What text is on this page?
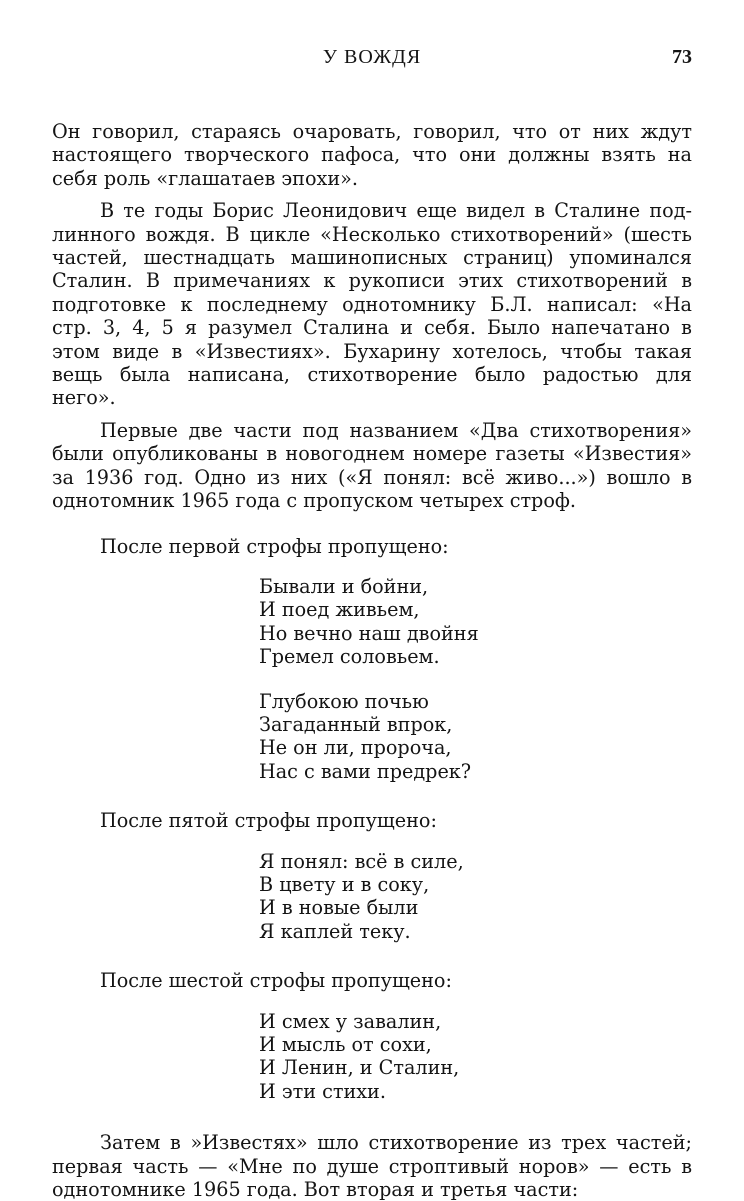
У ВОЖДЯ	73

Он говорил, стараясь очаровать, говорил, что от них ждут
настоящего творческого пафоса, что они должны взять на
себя роль «глашатаев эпохи».

В те годы Борис Леонидович еще видел в Сталине под-
линного вождя. В цикле «Несколько стихотворений» (шесть
частей, шестнадцать машинописных страниц) упоминался
Сталин. В примечаниях к рукописи этих стихотворений в
подготовке к последнему однотомнику Б.Л. написал: «На
стр. 3, 4, 5 я разумел Сталина и себя. Было напечатано в
этом виде в «Известиях». Бухарину хотелось, чтобы такая
вещь была написана, стихотворение было радостью для
него».

Первые две части под названием «Два стихотворения»
были опубликованы в новогоднем номере газеты «Известия»
за 1936 год. Одно из них («Я понял: всё живо...») вошло в
однотомник 1965 года с пропуском четырех строф.

После первой строфы пропущено:

Бывали и бойни,
И поед живьем,
Но вечно наш двойня
Гремел соловьем.
Глубокою почью
Загаданный впрок,
Не он ли, пророча,
Нас с вами предрек?

После пятой строфы пропущено:

Я понял: всё в силе,
В цвету и в соку,
И в новые были
Я каплей теку.

После шестой строфы пропущено:

И смех у завалин,
И мысль от сохи,
И Ленин, и Сталин,
И эти стихи.

Затем в »Известях» шло стихотворение из трех частей;
первая часть — «Мне по душе строптивый норов» — есть в
однотомнике 1965 года. Вот вторая и третья части:
